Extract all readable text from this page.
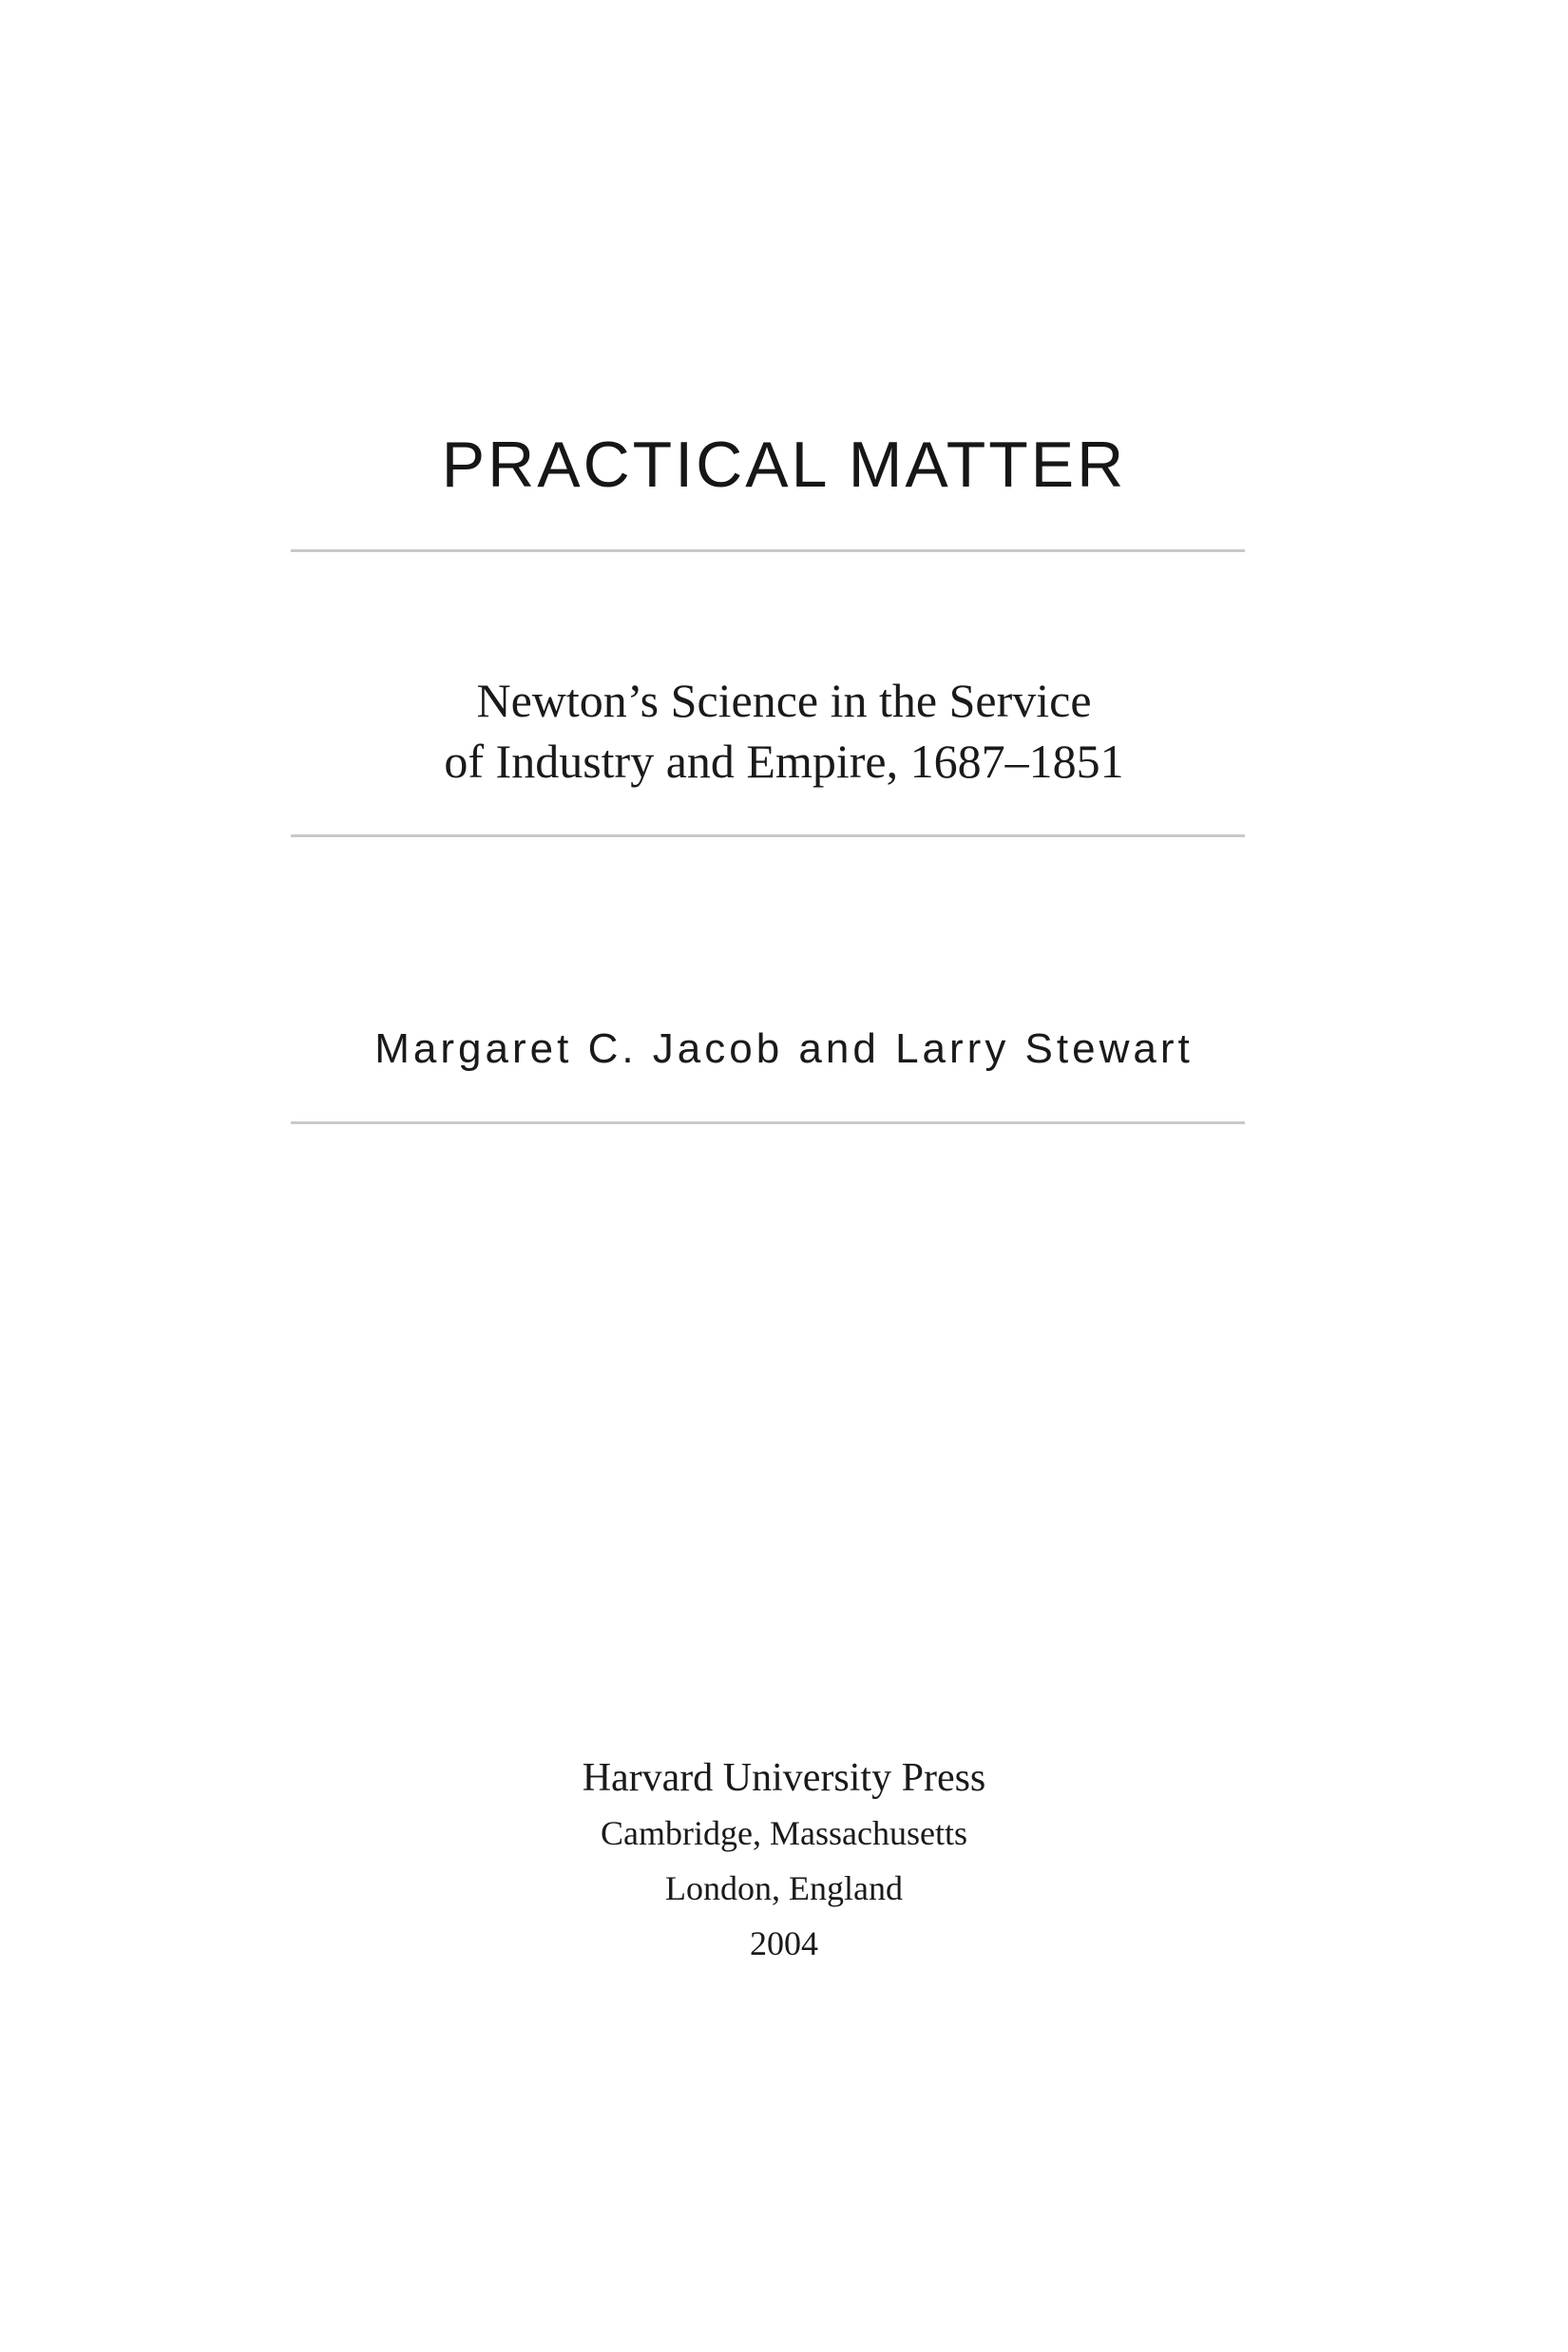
PRACTICAL MATTER
Newton’s Science in the Service
of Industry and Empire, 1687–1851
Margaret C. Jacob and Larry Stewart
Harvard University Press
Cambridge, Massachusetts
London, England
2004
